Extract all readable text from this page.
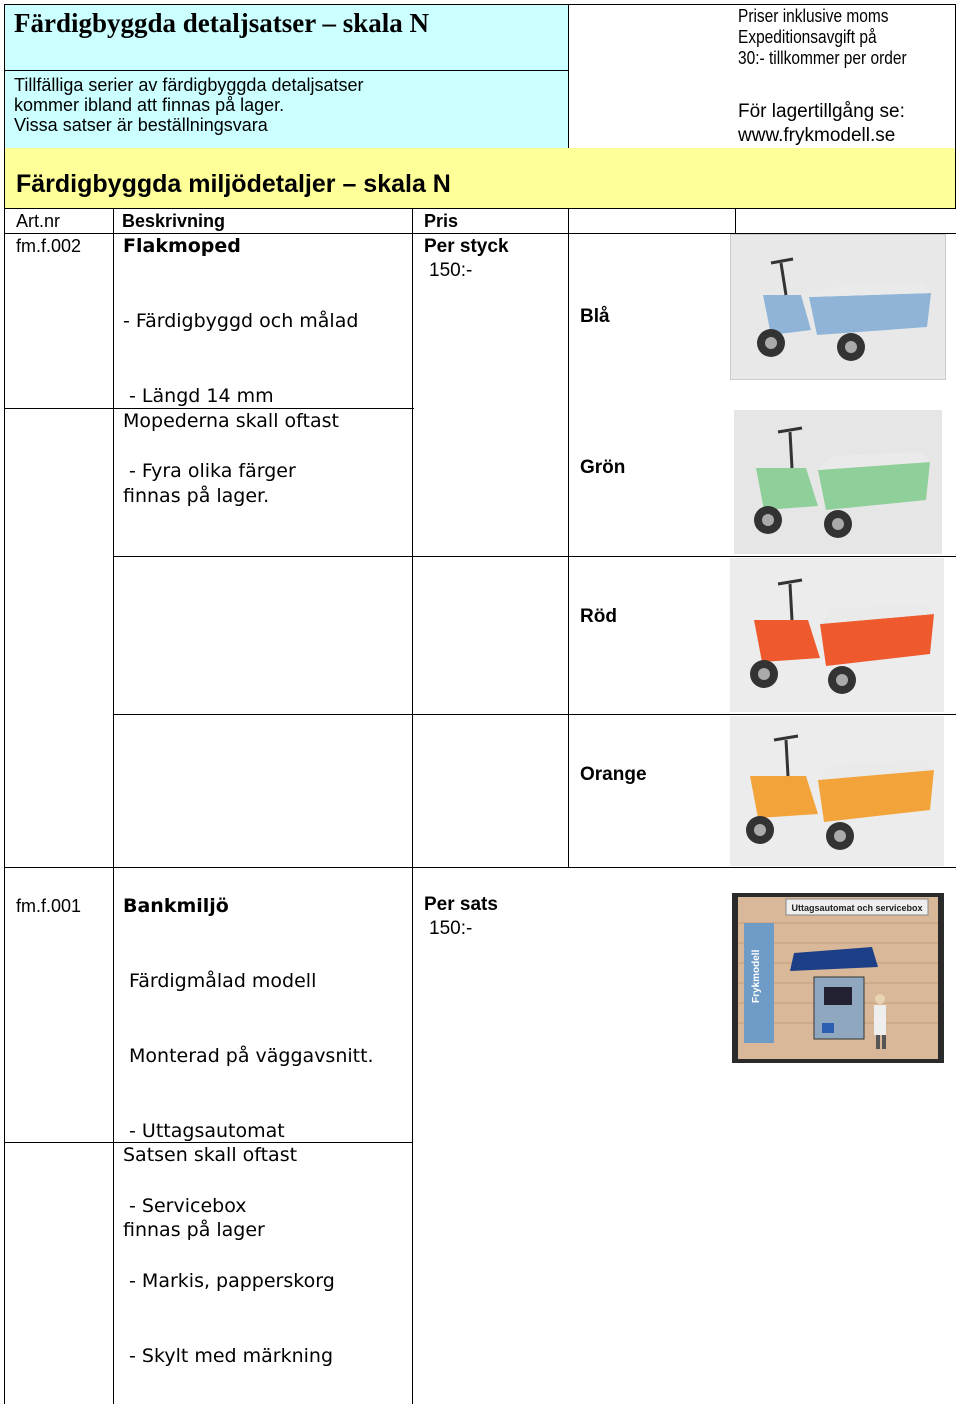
Färdigbyggda detaljsatser – skala N
Tillfälliga serier av färdigbyggda detaljsatser
kommer ibland att finnas på lager.
Vissa satser är beställningsvara
Priser inklusive moms
Expeditionsavgift på
30:- tillkommer per order
För lagertillgång se:
www.frykmodell.se
Färdigbyggda miljödetaljer – skala N
Art.nr	Beskrivning	Pris
fm.f.002 Flakmoped

- Färdigbyggd och målad

- Längd 14 mm

- Fyra olika färger

Mopederna skall oftast

finnas på lager.

Per styck
150:-
Blå
Grön
Röd
Orange
fm.f.001 Bankmiljö

Färdigmålad modell

Monterad på väggavsnitt.

- Uttagsautomat

- Servicebox

- Markis, papperskorg

- Skylt med märkning

Satsen skall oftast

finnas på lager

Per sats
150:-
Uttagsautomat och servicebox
Frykmodell
